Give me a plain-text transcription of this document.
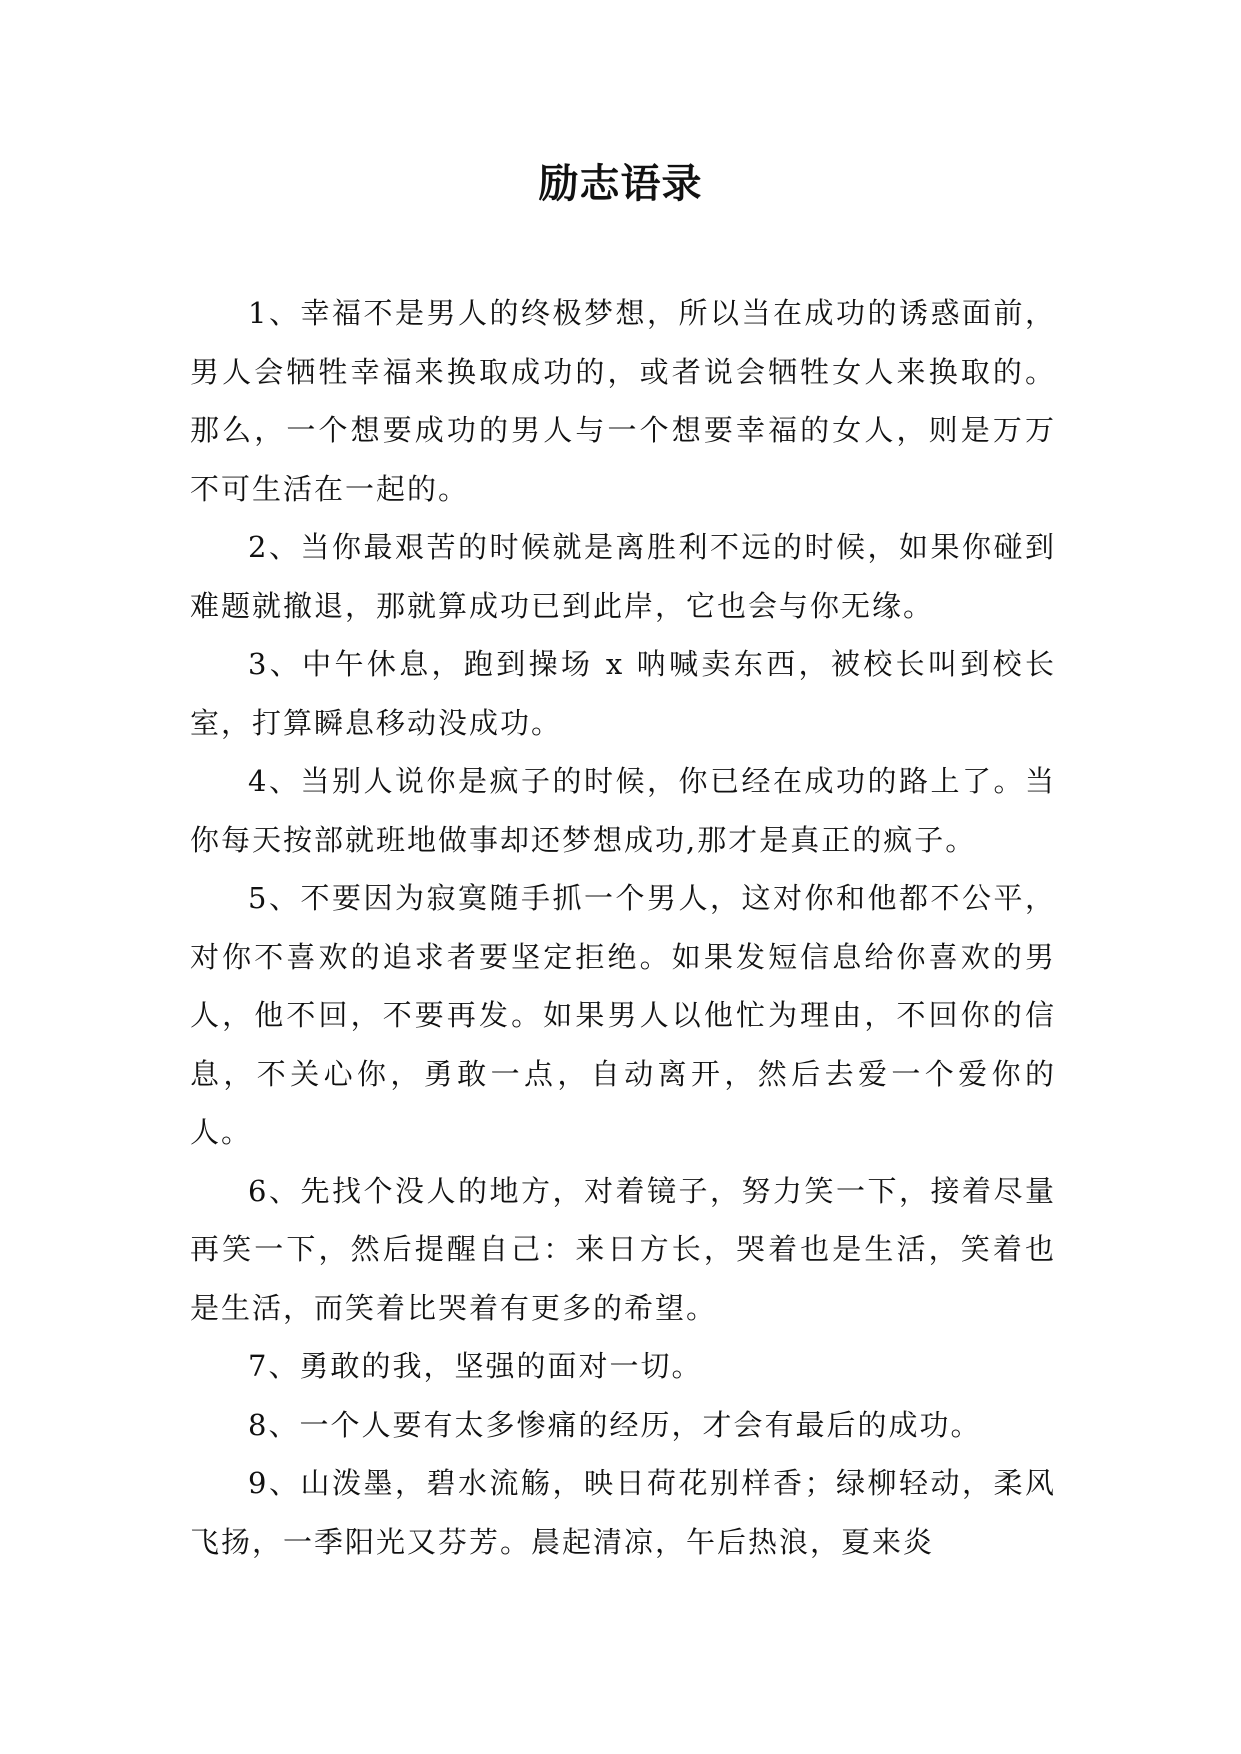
励志语录

1、幸福不是男人的终极梦想，所以当在成功的诱惑面前，男人会牺牲幸福来换取成功的，或者说会牺牲女人来换取的。那么，一个想要成功的男人与一个想要幸福的女人，则是万万不可生活在一起的。

2、当你最艰苦的时候就是离胜利不远的时候，如果你碰到难题就撤退，那就算成功已到此岸，它也会与你无缘。

3、中午休息，跑到操场 x 呐喊卖东西，被校长叫到校长室，打算瞬息移动没成功。

4、当别人说你是疯子的时候，你已经在成功的路上了。当你每天按部就班地做事却还梦想成功,那才是真正的疯子。

5、不要因为寂寞随手抓一个男人，这对你和他都不公平，对你不喜欢的追求者要坚定拒绝。如果发短信息给你喜欢的男人，他不回，不要再发。如果男人以他忙为理由，不回你的信息，不关心你，勇敢一点，自动离开，然后去爱一个爱你的人。

6、先找个没人的地方，对着镜子，努力笑一下，接着尽量再笑一下，然后提醒自己：来日方长，哭着也是生活，笑着也是生活，而笑着比哭着有更多的希望。

7、勇敢的我，坚强的面对一切。

8、一个人要有太多惨痛的经历，才会有最后的成功。

9、山泼墨，碧水流觞，映日荷花别样香；绿柳轻动，柔风飞扬，一季阳光又芬芳。晨起清凉，午后热浪，夏来炎
